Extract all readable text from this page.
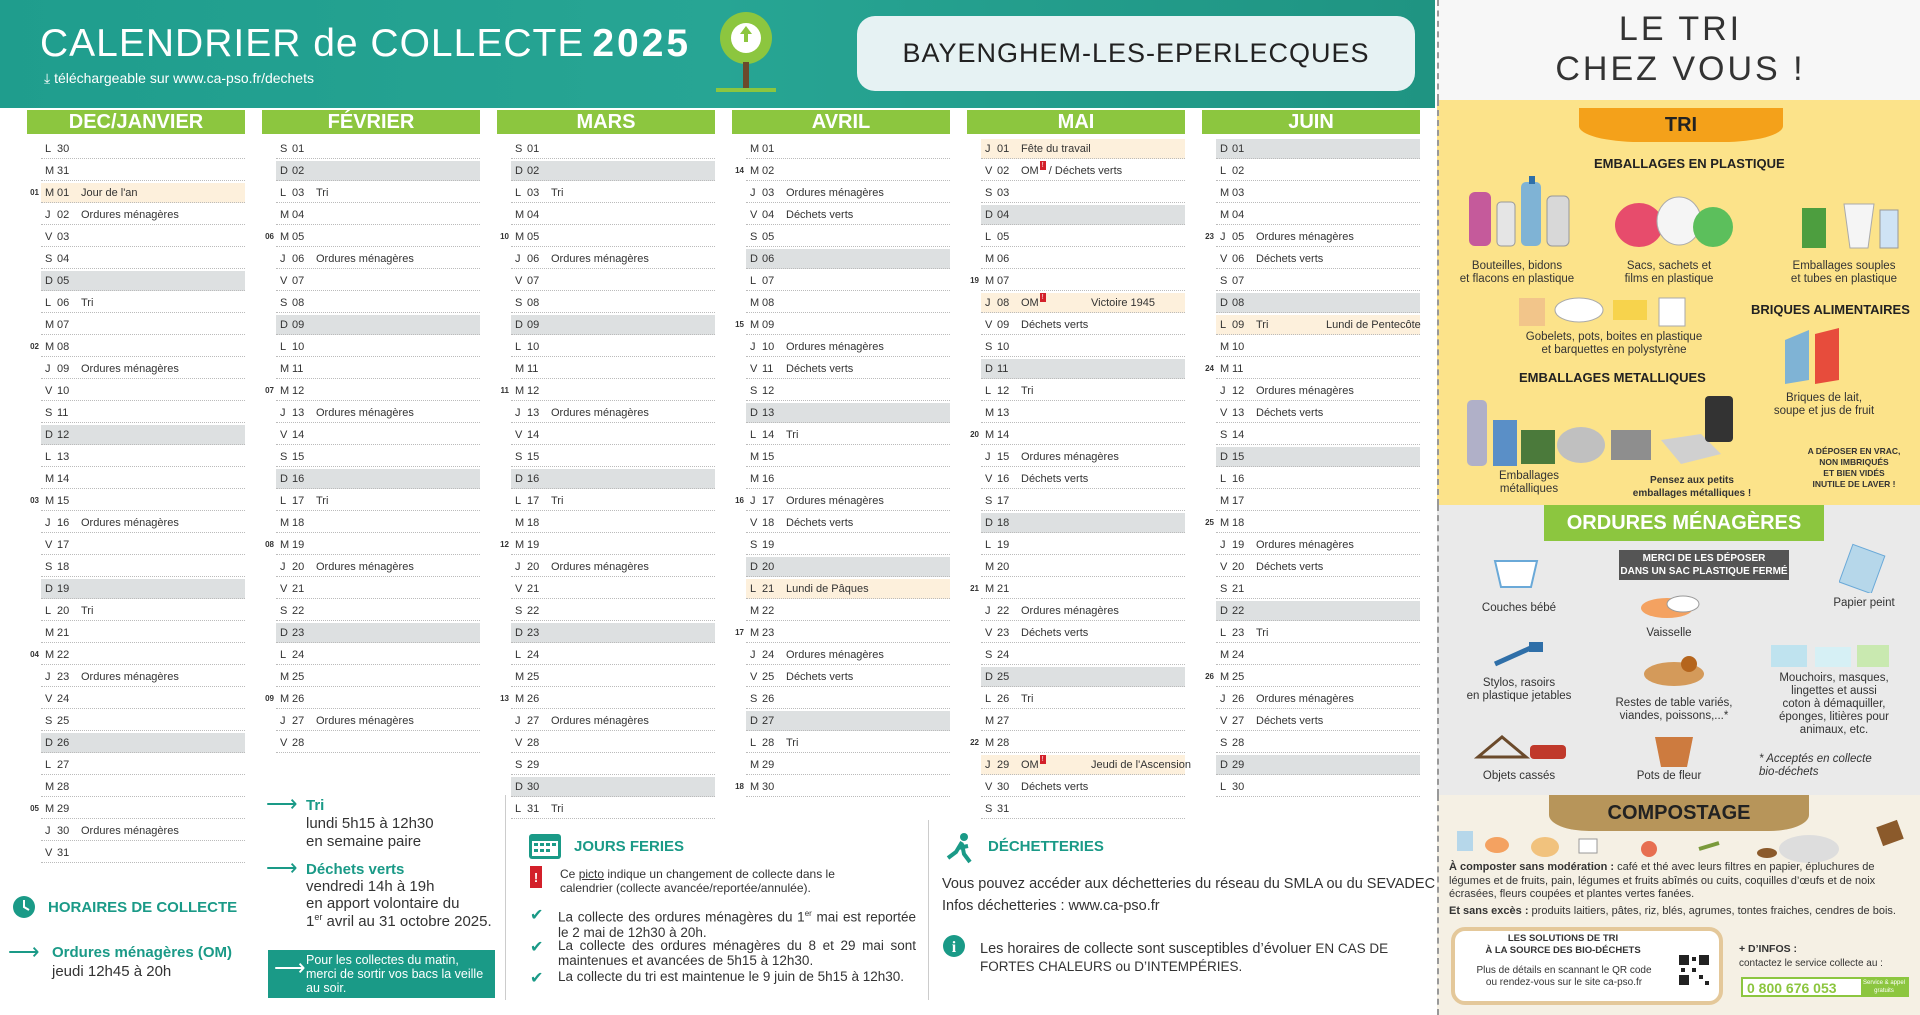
CALENDRIER de COLLECTE 2025
⤓ téléchargeable sur www.ca-pso.fr/dechets
BAYENGHEM-LES-EPERLECQUES
DEC/JANVIER
L 30
M 31
01 M 01	Jour de l'an
J 02	Ordures ménagères
V 03
S 04
D 05
L 06	Tri
M 07
02 M 08
J 09	Ordures ménagères
V 10
S 11
D 12
L 13
M 14
03 M 15
J 16	Ordures ménagères
V 17
S 18
D 19
L 20	Tri
M 21
04 M 22
J 23	Ordures ménagères
V 24
S 25
D 26
L 27
M 28
05 M 29
J 30	Ordures ménagères
V 31
FÉVRIER
S 01
D 02
L 03	Tri
M 04
06 M 05
J 06	Ordures ménagères
V 07
S 08
D 09
L 10
M 11
07 M 12
J 13	Ordures ménagères
V 14
S 15
D 16
L 17	Tri
M 18
08 M 19
J 20	Ordures ménagères
V 21
S 22
D 23
L 24
M 25
09 M 26
J 27	Ordures ménagères
V 28
MARS
S 01
D 02
L 03	Tri
M 04
10 M 05
J 06	Ordures ménagères
V 07
S 08
D 09
L 10
M 11
11 M 12
J 13	Ordures ménagères
V 14
S 15
D 16
L 17	Tri
M 18
12 M 19
J 20	Ordures ménagères
V 21
S 22
D 23
L 24
M 25
13 M 26
J 27	Ordures ménagères
V 28
S 29
D 30
L 31	Tri
AVRIL
M 01
14 M 02
J 03	Ordures ménagères
V 04	Déchets verts
S 05
D 06
L 07
M 08
15 M 09
J 10	Ordures ménagères
V 11	Déchets verts
S 12
D 13
L 14	Tri
M 15
M 16
16 J 17	Ordures ménagères
V 18	Déchets verts
S 19
D 20
L 21	Lundi de Pâques
M 22
17 M 23
J 24	Ordures ménagères
V 25	Déchets verts
S 26
D 27
L 28	Tri
M 29
18 M 30
MAI
J 01	Fête du travail
V 02	OM ! / Déchets verts
S 03
D 04
L 05
M 06
19 M 07
J 08	OM !	Victoire 1945
V 09	Déchets verts
S 10
D 11
L 12	Tri
M 13
20 M 14
J 15	Ordures ménagères
V 16	Déchets verts
S 17
D 18
L 19
M 20
21 M 21
J 22	Ordures ménagères
V 23	Déchets verts
S 24
D 25
L 26	Tri
M 27
22 M 28
J 29	OM !	Jeudi de l'Ascension
V 30	Déchets verts
S 31
JUIN
D 01
L 02
M 03
M 04
23 J 05	Ordures ménagères
V 06	Déchets verts
S 07
D 08
L 09	Tri	Lundi de Pentecôte
M 10
24 M 11
J 12	Ordures ménagères
V 13	Déchets verts
S 14
D 15
L 16
M 17
25 M 18
J 19	Ordures ménagères
V 20	Déchets verts
S 21
D 22
L 23	Tri
M 24
26 M 25
J 26	Ordures ménagères
V 27	Déchets verts
S 28
D 29
L 30
HORAIRES DE COLLECTE
⟶ Ordures ménagères (OM)
jeudi 12h45 à 20h
⟶ Tri
lundi 5h15 à 12h30
en semaine paire
⟶ Déchets verts
vendredi 14h à 19h
en apport volontaire du
1er avril au 31 octobre 2025.
⟶ Pour les collectes du matin, merci de sortir vos bacs la veille au soir.
JOURS FERIES
! Ce picto indique un changement de collecte dans le calendrier (collecte avancée/reportée/annulée).
✔ La collecte des ordures ménagères du 1er mai est reportée le 2 mai de 12h30 à 20h.
✔ La collecte des ordures ménagères du 8 et 29 mai sont maintenues et avancées de 5h15 à 12h30.
✔ La collecte du tri est maintenue le 9 juin de 5h15 à 12h30.
DÉCHETTERIES
Vous pouvez accéder aux déchetteries du réseau du SMLA ou du SEVADEC
Infos déchetteries : www.ca-pso.fr
i Les horaires de collecte sont susceptibles d’évoluer EN CAS DE FORTES CHALEURS ou D’INTEMPÉRIES.
LE TRI
CHEZ VOUS !
TRI
EMBALLAGES EN PLASTIQUE
Bouteilles, bidons
et flacons en plastique
Sacs, sachets et
films en plastique
Emballages souples
et tubes en plastique
Gobelets, pots, boites en plastique
et barquettes en polystyrène
BRIQUES ALIMENTAIRES
Briques de lait,
soupe et jus de fruit
EMBALLAGES METALLIQUES
Emballages
métalliques
Pensez aux petits
emballages métalliques !
A DÉPOSER EN VRAC,
NON IMBRIQUÉS
ET BIEN VIDÉS
INUTILE DE LAVER !
ORDURES MÉNAGÈRES
MERCI DE LES DÉPOSER
DANS UN SAC PLASTIQUE FERMÉ
Couches bébé	Papier peint
Vaisselle
Stylos, rasoirs
en plastique jetables
Restes de table variés,
viandes, poissons,...*
Mouchoirs, masques,
lingettes et aussi
coton à démaquiller,
éponges, litières pour
animaux, etc.
Objets cassés	Pots de fleur
* Acceptés en collecte
bio-déchets
COMPOSTAGE
À composter sans modération : café et thé avec leurs filtres en papier, épluchures de légumes et de fruits, pain, légumes et fruits abîmés ou cuits, coquilles d’œufs et de noix écrasées, fleurs coupées et plantes vertes fanées.
Et sans excès : produits laitiers, pâtes, riz, blés, agrumes, tontes fraiches, cendres de bois.
LES SOLUTIONS DE TRI
À LA SOURCE DES BIO-DÉCHETS
Plus de détails en scannant le QR code
ou rendez-vous sur le site ca-pso.fr
+ D’INFOS :
contactez le service collecte au :
0 800 676 053	Service & appel gratuits
